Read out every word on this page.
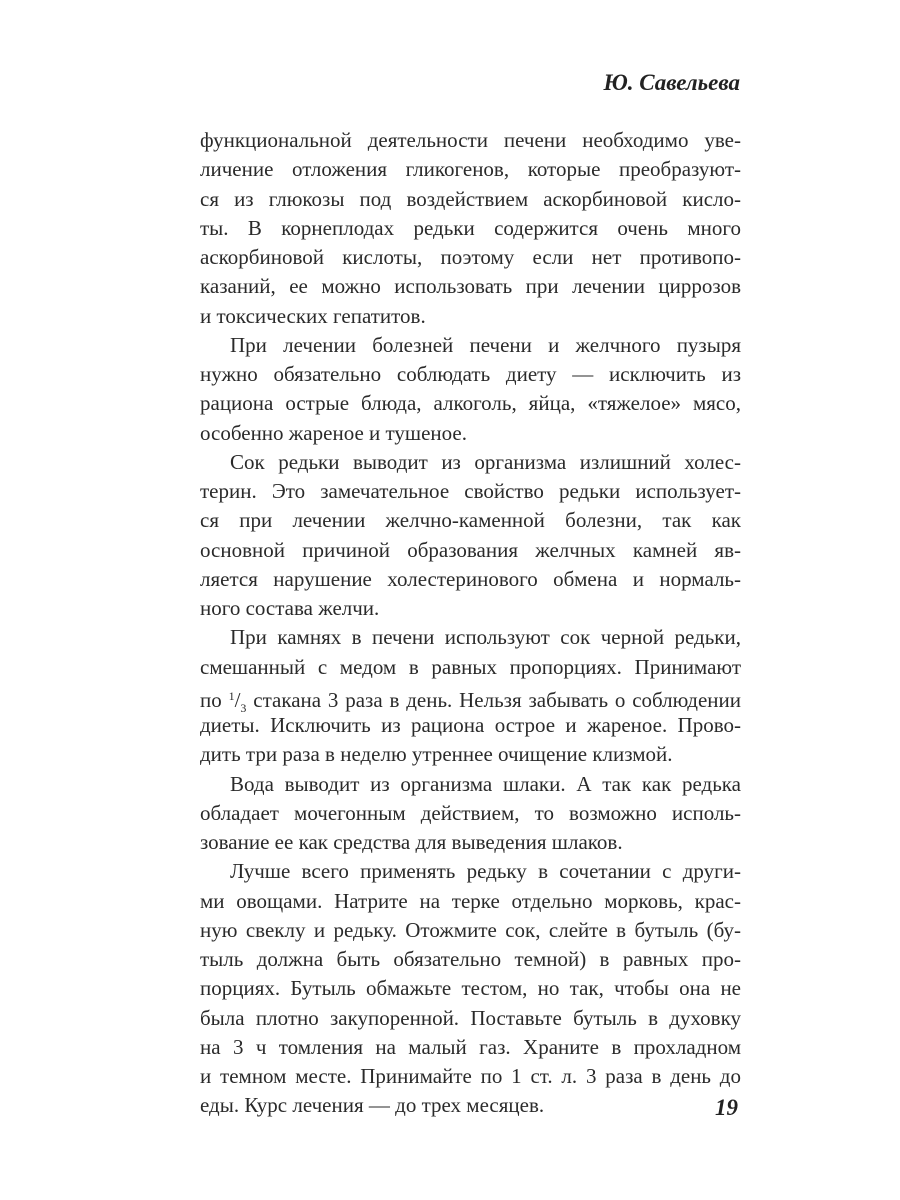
Ю. Савельева
функциональной деятельности печени необходимо уве-
личение отложения гликогенов, которые преобразуют-
ся из глюкозы под воздействием аскорбиновой кисло-
ты. В корнеплодах редьки содержится очень много
аскорбиновой кислоты, поэтому если нет противопо-
казаний, ее можно использовать при лечении циррозов
и токсических гепатитов.
При лечении болезней печени и желчного пузыря
нужно обязательно соблюдать диету — исключить из
рациона острые блюда, алкоголь, яйца, «тяжелое» мясо,
особенно жареное и тушеное.
Сок редьки выводит из организма излишний холес-
терин. Это замечательное свойство редьки использует-
ся при лечении желчно-каменной болезни, так как
основной причиной образования желчных камней яв-
ляется нарушение холестеринового обмена и нормаль-
ного состава желчи.
При камнях в печени используют сок черной редьки,
смешанный с медом в равных пропорциях. Принимают
по $^1/_3$ стакана 3 раза в день. Нельзя забывать о соблюдении
диеты. Исключить из рациона острое и жареное. Прово-
дить три раза в неделю утреннее очищение клизмой.
Вода выводит из организма шлаки. А так как редька
обладает мочегонным действием, то возможно исполь-
зование ее как средства для выведения шлаков.
Лучше всего применять редьку в сочетании с други-
ми овощами. Натрите на терке отдельно морковь, крас-
ную свеклу и редьку. Отожмите сок, слейте в бутыль (бу-
тыль должна быть обязательно темной) в равных про-
порциях. Бутыль обмажьте тестом, но так, чтобы она не
была плотно закупоренной. Поставьте бутыль в духовку
на 3 ч томления на малый газ. Храните в прохладном
и темном месте. Принимайте по 1 ст. л. 3 раза в день до
еды. Курс лечения — до трех месяцев.	19
